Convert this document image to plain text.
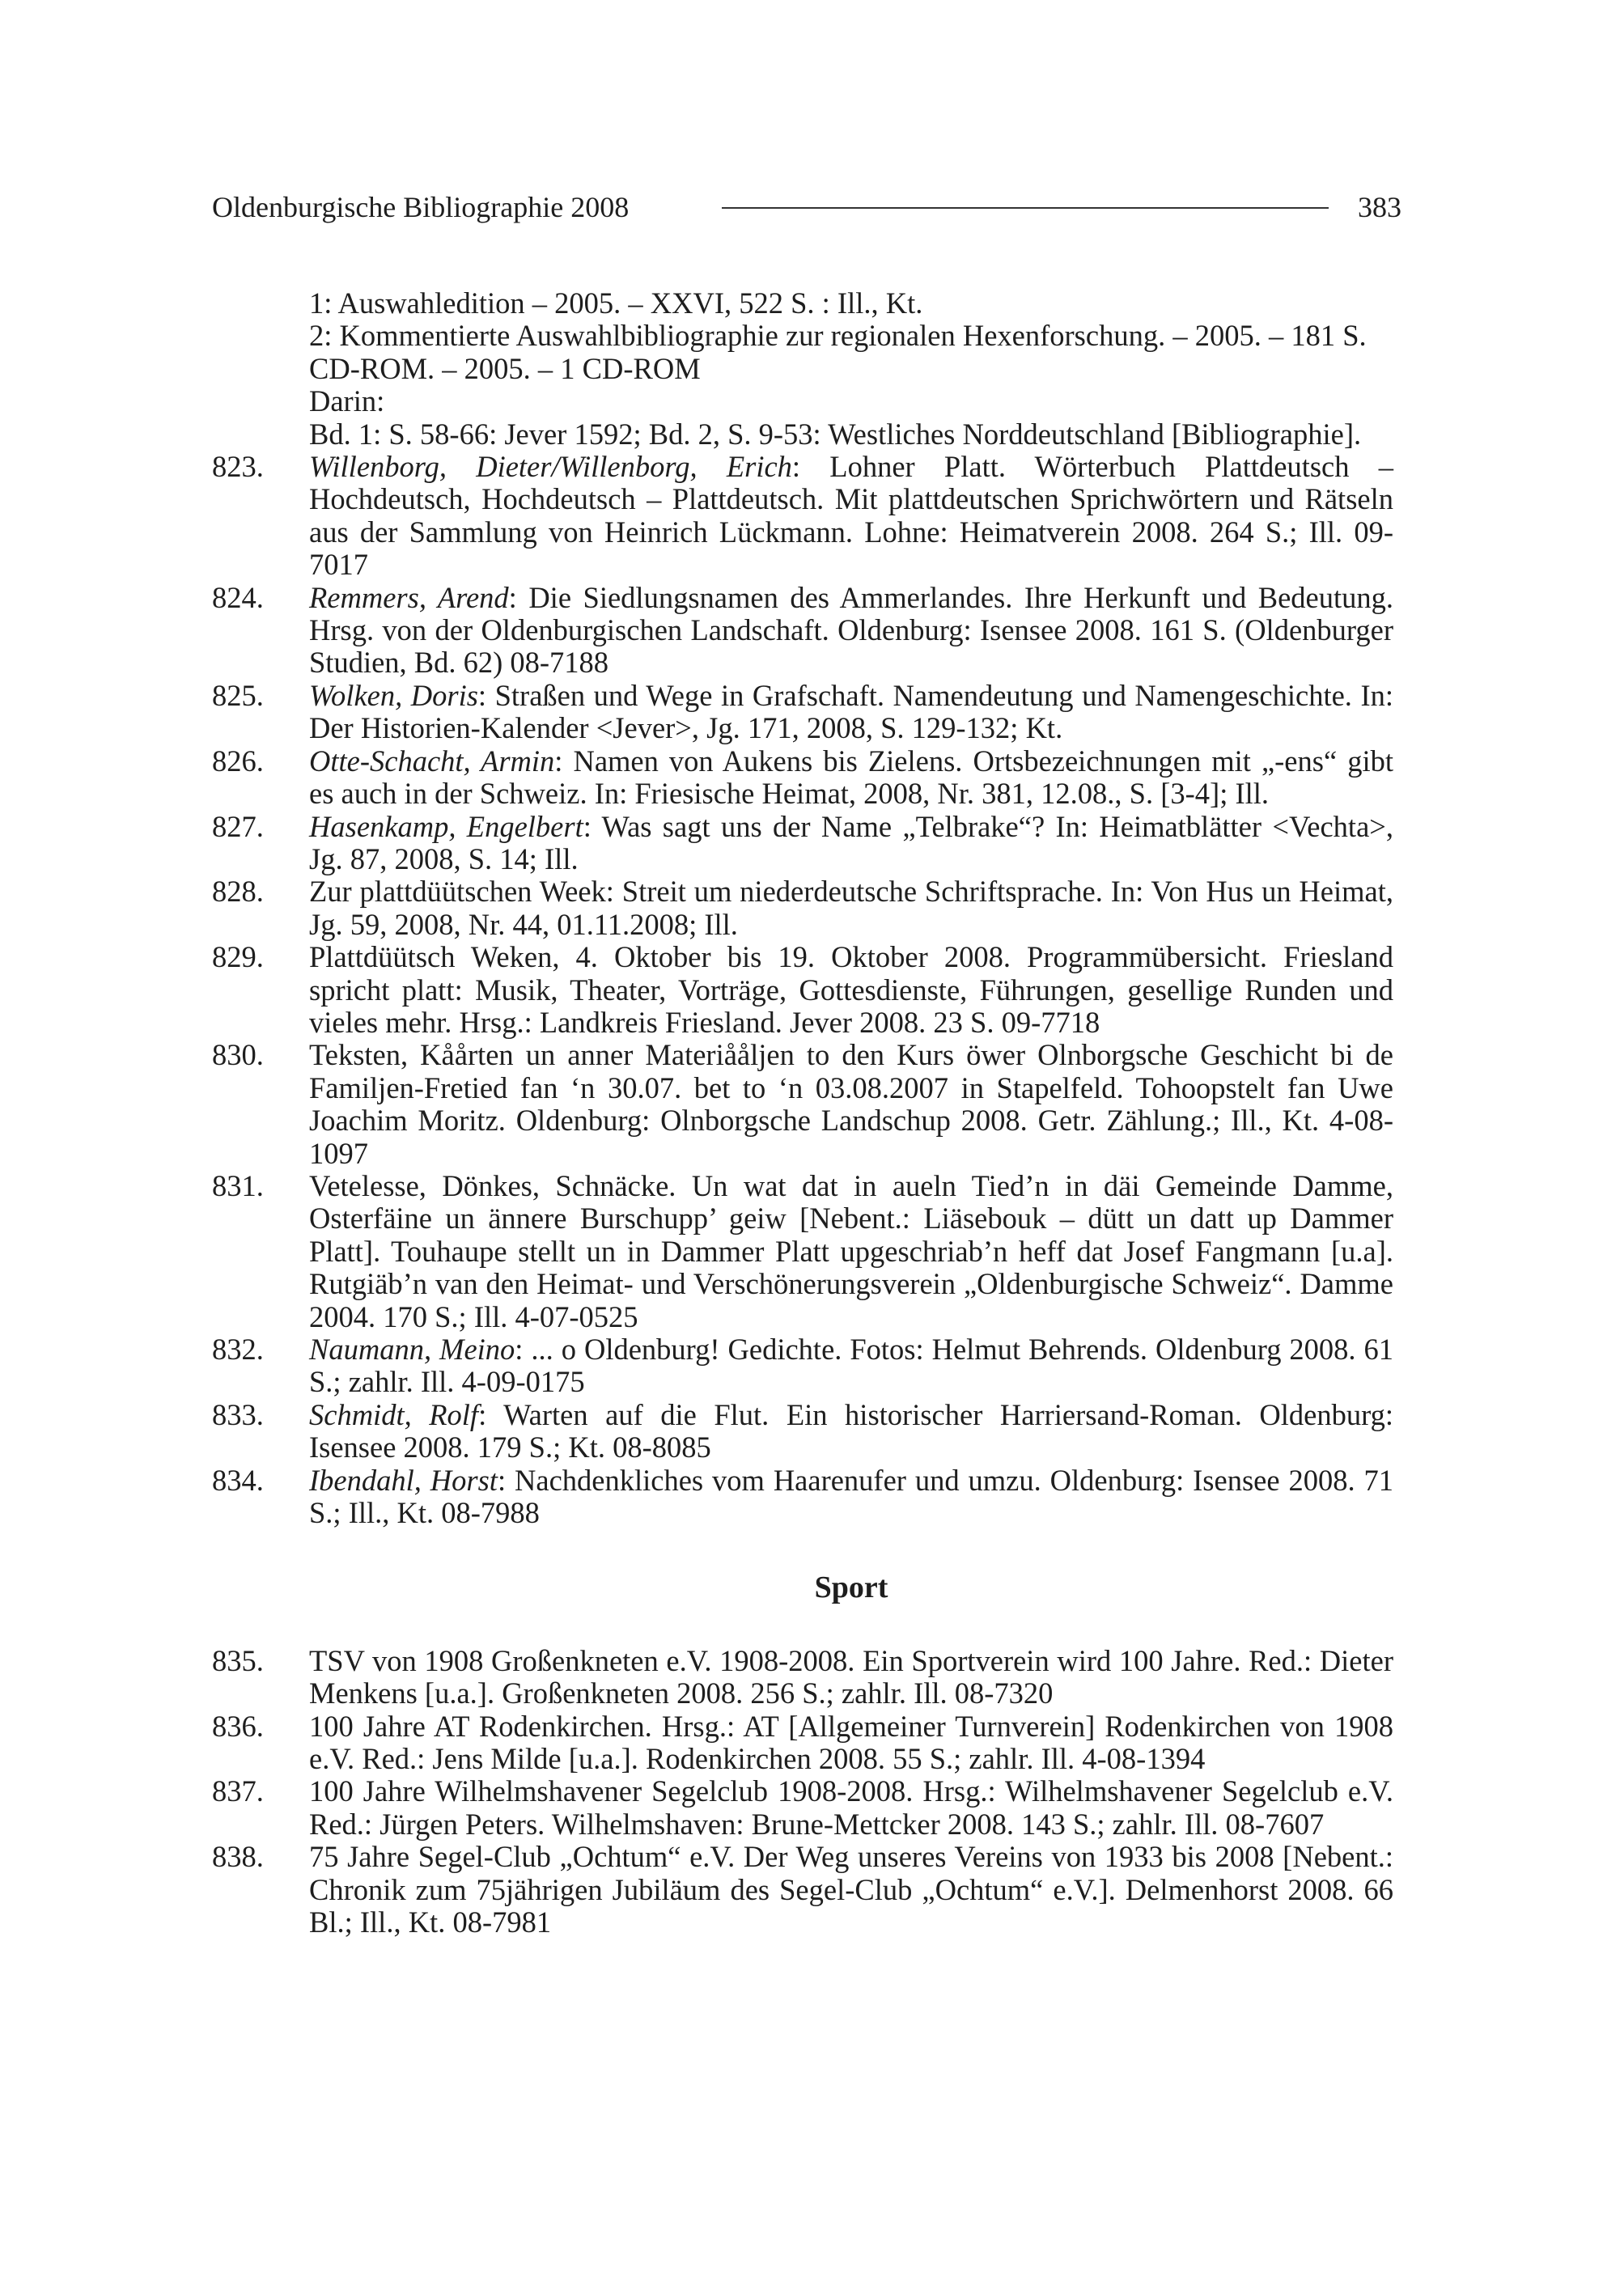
Oldenburgische Bibliographie 2008	383
1: Auswahledition – 2005. – XXVI, 522 S. : Ill., Kt.
2: Kommentierte Auswahlbibliographie zur regionalen Hexenforschung. – 2005. – 181 S.
CD-ROM. – 2005. – 1 CD-ROM
Darin:
Bd. 1: S. 58-66: Jever 1592; Bd. 2, S. 9-53: Westliches Norddeutschland [Bibliographie].
823. Willenborg, Dieter/Willenborg, Erich: Lohner Platt. Wörterbuch Plattdeutsch – Hochdeutsch, Hochdeutsch – Plattdeutsch. Mit plattdeutschen Sprichwörtern und Rätseln aus der Sammlung von Heinrich Lückmann. Lohne: Heimatverein 2008. 264 S.; Ill. 09-7017
824. Remmers, Arend: Die Siedlungsnamen des Ammerlandes. Ihre Herkunft und Bedeutung. Hrsg. von der Oldenburgischen Landschaft. Oldenburg: Isensee 2008. 161 S. (Oldenburger Studien, Bd. 62) 08-7188
825. Wolken, Doris: Straßen und Wege in Grafschaft. Namendeutung und Namengeschichte. In: Der Historien-Kalender <Jever>, Jg. 171, 2008, S. 129-132; Kt.
826. Otte-Schacht, Armin: Namen von Aukens bis Zielens. Ortsbezeichnungen mit „-ens“ gibt es auch in der Schweiz. In: Friesische Heimat, 2008, Nr. 381, 12.08., S. [3-4]; Ill.
827. Hasenkamp, Engelbert: Was sagt uns der Name „Telbrake“? In: Heimatblätter <Vechta>, Jg. 87, 2008, S. 14; Ill.
828. Zur plattdüütschen Week: Streit um niederdeutsche Schriftsprache. In: Von Hus un Heimat, Jg. 59, 2008, Nr. 44, 01.11.2008; Ill.
829. Plattdüütsch Weken, 4. Oktober bis 19. Oktober 2008. Programmübersicht. Friesland spricht platt: Musik, Theater, Vorträge, Gottesdienste, Führungen, gesellige Runden und vieles mehr. Hrsg.: Landkreis Friesland. Jever 2008. 23 S. 09-7718
830. Teksten, Kåårten un anner Materiååljen to den Kurs öwer Olnborgsche Geschicht bi de Familjen-Fretied fan ‘n 30.07. bet to ‘n 03.08.2007 in Stapelfeld. Tohoopstelt fan Uwe Joachim Moritz. Oldenburg: Olnborgsche Landschup 2008. Getr. Zählung.; Ill., Kt. 4-08-1097
831. Vetelesse, Dönkes, Schnäcke. Un wat dat in aueln Tied’n in däi Gemeinde Damme, Osterfäine un ännere Burschupp’ geiw [Nebent.: Liäsebouk – dütt un datt up Dammer Platt]. Touhaupe stellt un in Dammer Platt upgeschriab’n heff dat Josef Fangmann [u.a]. Rutgiäb’n van den Heimat- und Verschönerungsverein „Oldenburgische Schweiz“. Damme 2004. 170 S.; Ill. 4-07-0525
832. Naumann, Meino: ... o Oldenburg! Gedichte. Fotos: Helmut Behrends. Oldenburg 2008. 61 S.; zahlr. Ill. 4-09-0175
833. Schmidt, Rolf: Warten auf die Flut. Ein historischer Harriersand-Roman. Oldenburg: Isensee 2008. 179 S.; Kt. 08-8085
834. Ibendahl, Horst: Nachdenkliches vom Haarenufer und umzu. Oldenburg: Isensee 2008. 71 S.; Ill., Kt. 08-7988
Sport
835. TSV von 1908 Großenkneten e.V. 1908-2008. Ein Sportverein wird 100 Jahre. Red.: Dieter Menkens [u.a.]. Großenkneten 2008. 256 S.; zahlr. Ill. 08-7320
836. 100 Jahre AT Rodenkirchen. Hrsg.: AT [Allgemeiner Turnverein] Rodenkirchen von 1908 e.V. Red.: Jens Milde [u.a.]. Rodenkirchen 2008. 55 S.; zahlr. Ill. 4-08-1394
837. 100 Jahre Wilhelmshavener Segelclub 1908-2008. Hrsg.: Wilhelmshavener Segelclub e.V. Red.: Jürgen Peters. Wilhelmshaven: Brune-Mettcker 2008. 143 S.; zahlr. Ill. 08-7607
838. 75 Jahre Segel-Club „Ochtum“ e.V. Der Weg unseres Vereins von 1933 bis 2008 [Nebent.: Chronik zum 75jährigen Jubiläum des Segel-Club „Ochtum“ e.V.]. Delmenhorst 2008. 66 Bl.; Ill., Kt. 08-7981
